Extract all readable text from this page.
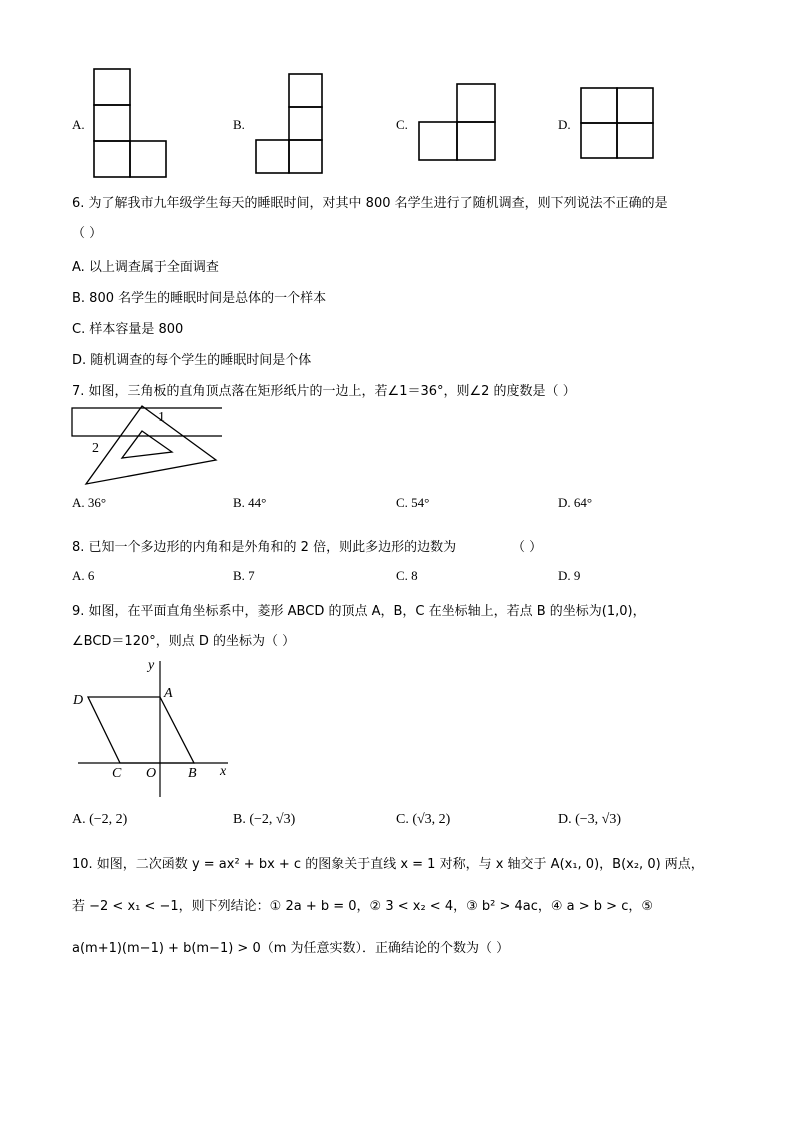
A.	B.	C.	D.
6. 为了解我市九年级学生每天的睡眠时间，对其中 800 名学生进行了随机调查，则下列说法不正确的是
（ ）
A. 以上调查属于全面调查
B. 800 名学生的睡眠时间是总体的一个样本
C. 样本容量是 800
D. 随机调查的每个学生的睡眠时间是个体
7. 如图，三角板的直角顶点落在矩形纸片的一边上，若∠1＝36°，则∠2 的度数是（ ）
1
2
A. 36°	B. 44°	C. 54°	D. 64°
8. 已知一个多边形的内角和是外角和的 2 倍，则此多边形的边数为	（ ）
A. 6	B. 7	C. 8	D. 9
9. 如图，在平面直角坐标系中，菱形 ABCD 的顶点 A，B，C 在坐标轴上，若点 B 的坐标为(1,0)，
∠BCD＝120°，则点 D 的坐标为（ ）
y
x
A
B
C
D
O
A. (−2, 2)	B. (−2, √3)	C. (√3, 2)	D. (−3, √3)
10. 如图，二次函数 y = ax² + bx + c 的图象关于直线 x = 1 对称，与 x 轴交于 A(x₁, 0)，B(x₂, 0) 两点，
若 −2 < x₁ < −1，则下列结论：① 2a + b = 0，② 3 < x₂ < 4，③ b² > 4ac，④ a > b > c，⑤
a(m+1)(m−1) + b(m−1) > 0（m 为任意实数）．正确结论的个数为（ ）
